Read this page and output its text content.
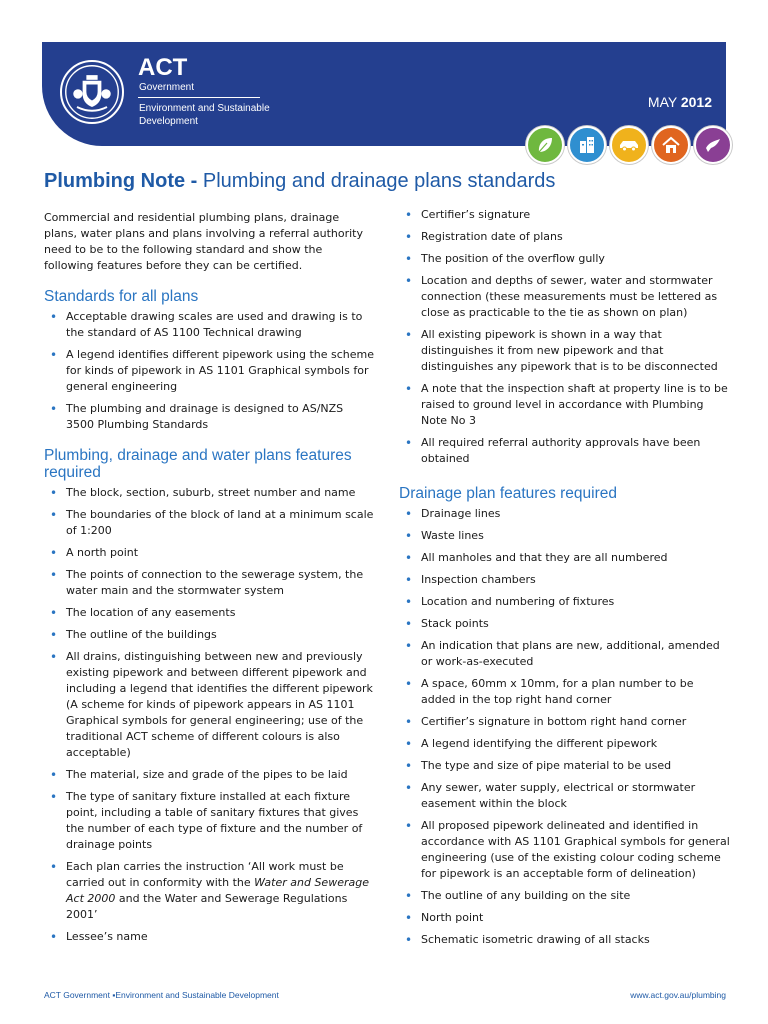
ACT
Government
Environment and Sustainable Development
MAY 2012
Plumbing Note - Plumbing and drainage plans standards

Commercial and residential plumbing plans, drainage plans, water plans and plans involving a referral authority need to be to the following standard and show the following features before they can be certified.

Standards for all plans
• Acceptable drawing scales are used and drawing is to the standard of AS 1100 Technical drawing
• A legend identifies different pipework using the scheme for kinds of pipework in AS 1101 Graphical symbols for general engineering
• The plumbing and drainage is designed to AS/NZS 3500 Plumbing Standards
Plumbing, drainage and water plans features required
• The block, section, suburb, street number and name
• The boundaries of the block of land at a minimum scale of 1:200
• A north point
• The points of connection to the sewerage system, the water main and the stormwater system
• The location of any easements
• The outline of the buildings
• All drains, distinguishing between new and previously existing pipework and between different pipework and including a legend that identifies the different pipework (A scheme for kinds of pipework appears in AS 1101 Graphical symbols for general engineering; use of the traditional ACT scheme of different colours is also acceptable)
• The material, size and grade of the pipes to be laid
• The type of sanitary fixture installed at each fixture point, including a table of sanitary fixtures that gives the number of each type of fixture and the number of drainage points
• Each plan carries the instruction ‘All work must be carried out in conformity with the Water and Sewerage Act 2000 and the Water and Sewerage Regulations 2001’
• Lessee’s name
• Certifier’s signature
• Registration date of plans
• The position of the overflow gully
• Location and depths of sewer, water and stormwater connection (these measurements must be lettered as close as practicable to the tie as shown on plan)
• All existing pipework is shown in a way that distinguishes it from new pipework and that distinguishes any pipework that is to be disconnected
• A note that the inspection shaft at property line is to be raised to ground level in accordance with Plumbing Note No 3
• All required referral authority approvals have been obtained
Drainage plan features required
• Drainage lines
• Waste lines
• All manholes and that they are all numbered
• Inspection chambers
• Location and numbering of fixtures
• Stack points
• An indication that plans are new, additional, amended or work-as-executed
• A space, 60mm x 10mm, for a plan number to be added in the top right hand corner
• Certifier’s signature in bottom right hand corner
• A legend identifying the different pipework
• The type and size of pipe material to be used
• Any sewer, water supply, electrical or stormwater easement within the block
• All proposed pipework delineated and identified in accordance with AS 1101 Graphical symbols for general engineering (use of the existing colour coding scheme for pipework is an acceptable form of delineation)
• The outline of any building on the site
• North point
• Schematic isometric drawing of all stacks
ACT Government ▪Environment and Sustainable Development	www.act.gov.au/plumbing
